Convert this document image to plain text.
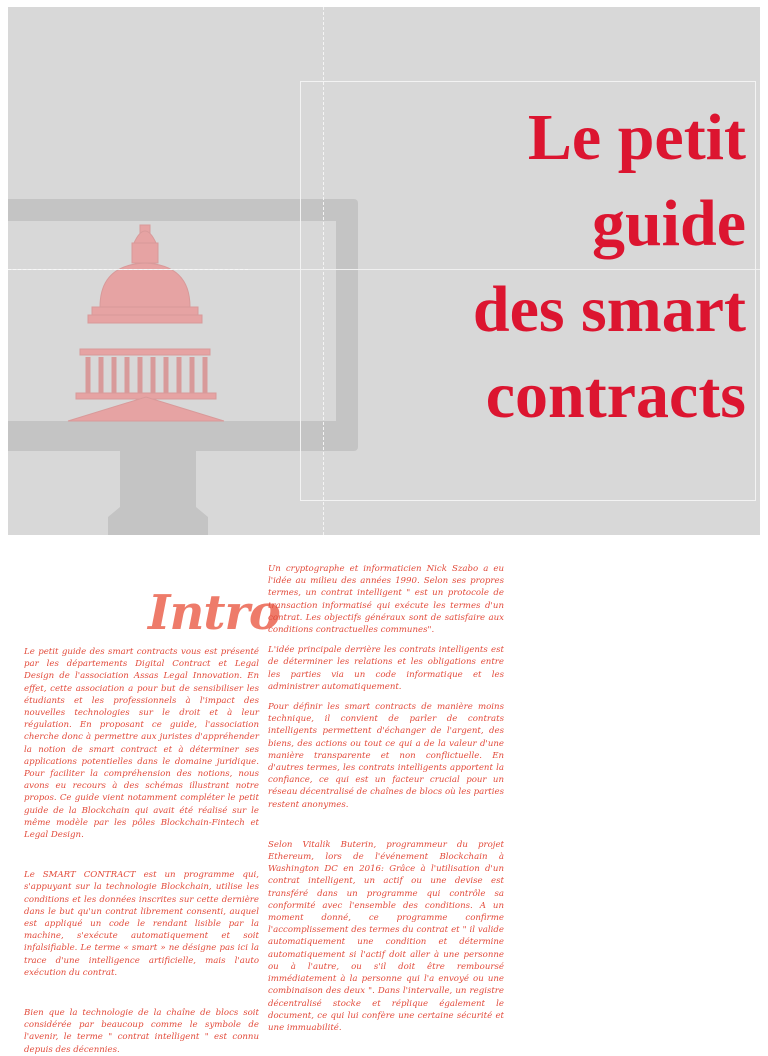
Le petit
guide
des smart
contracts
Intro

Le petit guide des smart contracts vous est présenté par les départements Digital Contract et Legal Design de l'association Assas Legal Innovation. En effet, cette association a pour but de sensibiliser les étudiants et les professionnels à l'impact des nouvelles technologies sur le droit et à leur régulation. En proposant ce guide, l'association cherche donc à permettre aux juristes d'appréhender la notion de smart contract et à déterminer ses applications potentielles dans le domaine juridique. Pour faciliter la compréhension des notions, nous avons eu recours à des schémas illustrant notre propos. Ce guide vient notamment compléter le petit guide de la Blockchain qui avait été réalisé sur le même modèle par les pôles Blockchain-Fintech et Legal Design.

Le SMART CONTRACT est un programme qui, s'appuyant sur la technologie Blockchain, utilise les conditions et les données inscrites sur cette dernière dans le but qu'un contrat librement consenti, auquel est appliqué un code le rendant lisible par la machine, s'exécute automatiquement et soit infalsifiable. Le terme « smart » ne désigne pas ici la trace d'une intelligence artificielle, mais l'auto exécution du contrat.

Bien que la technologie de la chaîne de blocs soit considérée par beaucoup comme le symbole de l'avenir, le terme " contrat intelligent " est connu depuis des décennies.

Un cryptographe et informaticien Nick Szabo a eu l'idée au milieu des années 1990. Selon ses propres termes, un contrat intelligent " est un protocole de transaction informatisé qui exécute les termes d'un contrat. Les objectifs généraux sont de satisfaire aux conditions contractuelles communes".

L'idée principale derrière les contrats intelligents est de déterminer les relations et les obligations entre les parties via un code informatique et les administrer automatiquement.

Pour définir les smart contracts de manière moins technique, il convient de parler de contrats intelligents permettent d'échanger de l'argent, des biens, des actions ou tout ce qui a de la valeur d'une manière transparente et non conflictuelle. En d'autres termes, les contrats intelligents apportent la confiance, ce qui est un facteur crucial pour un réseau décentralisé de chaînes de blocs où les parties restent anonymes.

Selon Vitalik Buterin, programmeur du projet Ethereum, lors de l'événement Blockchain à Washington DC en 2016: Grâce à l'utilisation d'un contrat intelligent, un actif ou une devise est transféré dans un programme qui contrôle sa conformité avec l'ensemble des conditions. A un moment donné, ce programme confirme l'accomplissement des termes du contrat et " il valide automatiquement une condition et détermine automatiquement si l'actif doit aller à une personne ou à l'autre, ou s'il doit être remboursé immédiatement à la personne qui l'a envoyé ou une combinaison des deux ". Dans l'intervalle, un registre décentralisé stocke et réplique également le document, ce qui lui confère une certaine sécurité et une immuabilité.
